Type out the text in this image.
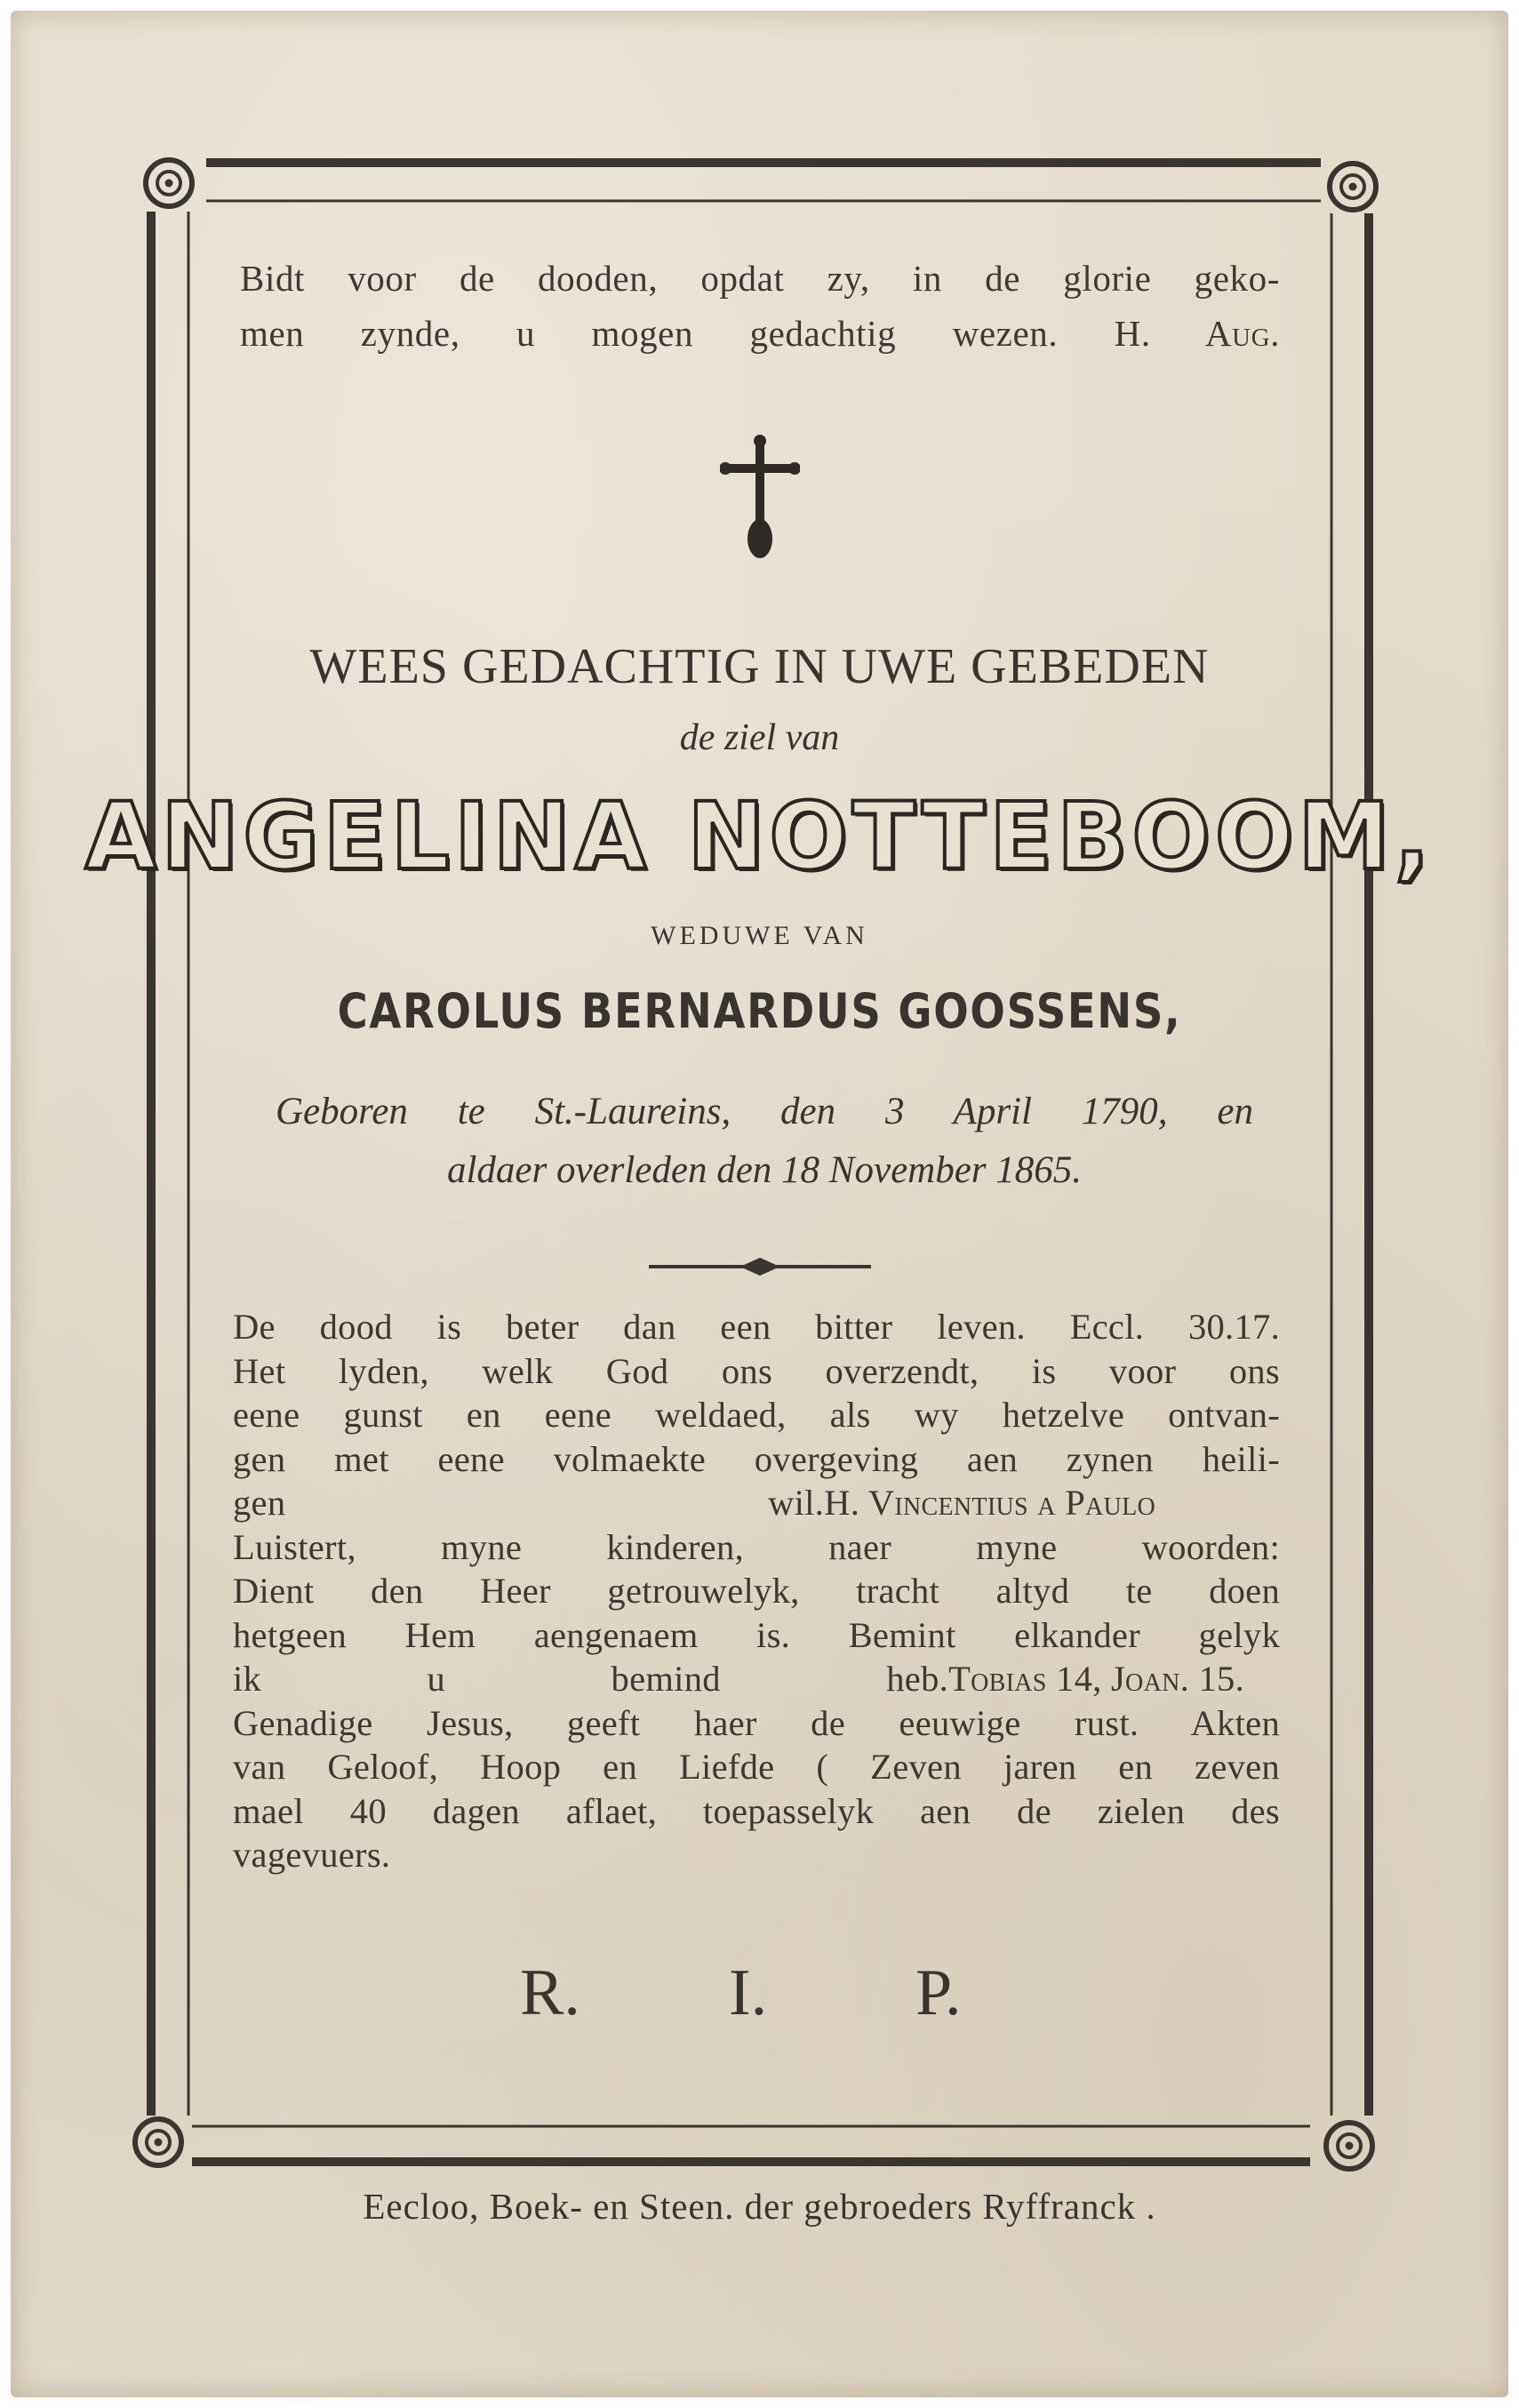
Bidt voor de dooden, opdat zy, in de glorie geko-
men zynde, u mogen gedachtig wezen. H. Aug.

WEES GEDACHTIG IN UWE GEBEDEN

de ziel van

ANGELINA NOTTEBOOM,

WEDUWE VAN

CAROLUS BERNARDUS GOOSSENS,

Geboren te St.-Laureins, den 3 April 1790, en
aldaer overleden den 18 November 1865.

De dood is beter dan een bitter leven. Eccl. 30.17.
Het lyden, welk God ons overzendt, is voor ons
eene gunst en eene weldaed, als wy hetzelve ontvan-
gen met eene volmaekte overgeving aen zynen heili-
gen wil. H. Vincentius a Paulo
Luistert, myne kinderen, naer myne woorden:
Dient den Heer getrouwelyk, tracht altyd te doen
hetgeen Hem aengenaem is. Bemint elkander gelyk
ik u bemind heb. Tobias 14, Joan. 15.
Genadige Jesus, geeft haer de eeuwige rust. Akten
van Geloof, Hoop en Liefde ( Zeven jaren en zeven
mael 40 dagen aflaet, toepasselyk aen de zielen des
vagevuers.

R. I. P.

Eecloo, Boek- en Steen. der gebroeders Ryffranck .
